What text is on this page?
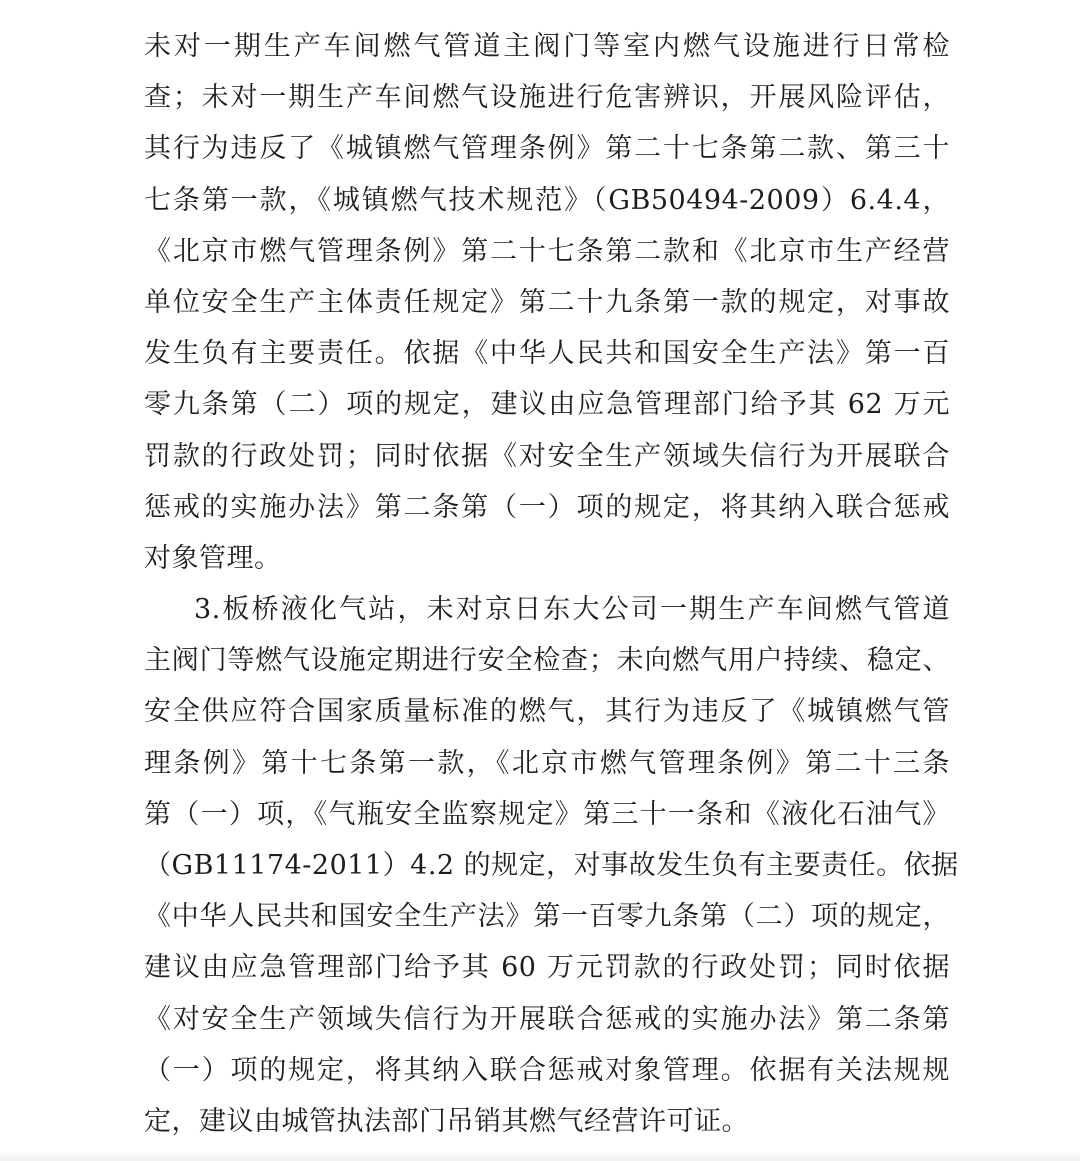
未对一期生产车间燃气管道主阀门等室内燃气设施进行日常检
查；未对一期生产车间燃气设施进行危害辨识，开展风险评估，
其行为违反了《城镇燃气管理条例》第二十七条第二款、第三十
七条第一款，《城镇燃气技术规范》（GB50494-2009）6.4.4，
《北京市燃气管理条例》第二十七条第二款和《北京市生产经营
单位安全生产主体责任规定》第二十九条第一款的规定，对事故
发生负有主要责任。依据《中华人民共和国安全生产法》第一百
零九条第（二）项的规定，建议由应急管理部门给予其 62 万元
罚款的行政处罚；同时依据《对安全生产领域失信行为开展联合
惩戒的实施办法》第二条第（一）项的规定，将其纳入联合惩戒
对象管理。
3.板桥液化气站，未对京日东大公司一期生产车间燃气管道
主阀门等燃气设施定期进行安全检查；未向燃气用户持续、稳定、
安全供应符合国家质量标准的燃气，其行为违反了《城镇燃气管
理条例》第十七条第一款，《北京市燃气管理条例》第二十三条
第（一）项，《气瓶安全监察规定》第三十一条和《液化石油气》
（GB11174-2011）4.2 的规定，对事故发生负有主要责任。依据
《中华人民共和国安全生产法》第一百零九条第（二）项的规定，
建议由应急管理部门给予其 60 万元罚款的行政处罚；同时依据
《对安全生产领域失信行为开展联合惩戒的实施办法》第二条第
（一）项的规定，将其纳入联合惩戒对象管理。依据有关法规规
定，建议由城管执法部门吊销其燃气经营许可证。
